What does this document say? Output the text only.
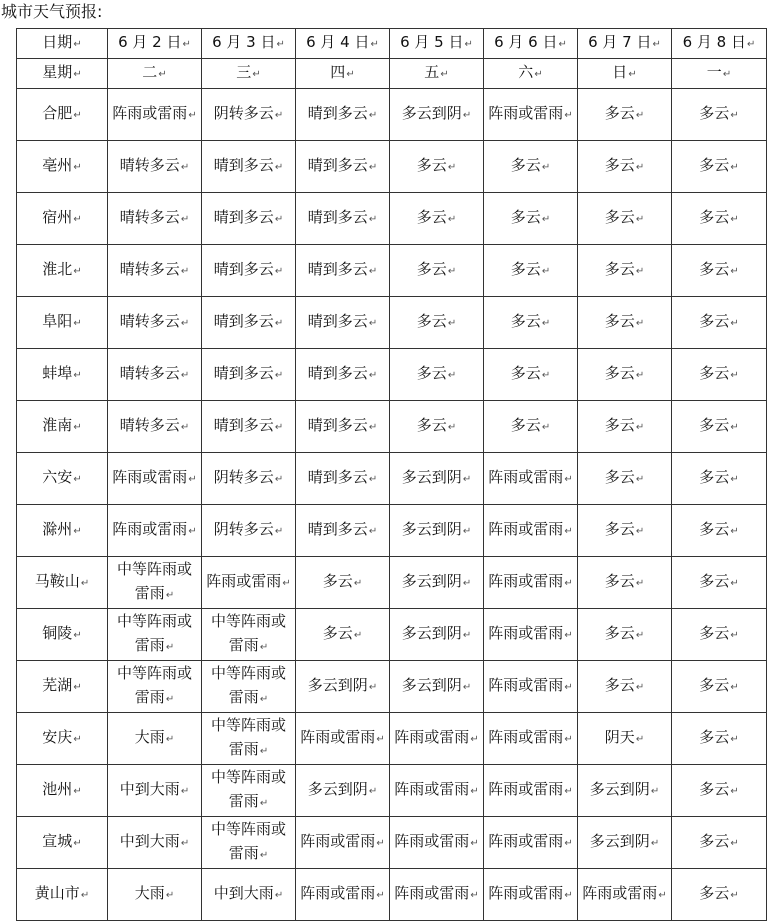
城市天气预报:
日期↵	6 月 2 日↵	6 月 3 日↵	6 月 4 日↵	6 月 5 日↵	6 月 6 日↵	6 月 7 日↵	6 月 8 日↵
星期↵	二↵	三↵	四↵	五↵	六↵	日↵	一↵
合肥↵	阵雨或雷雨↵	阴转多云↵	晴到多云↵	多云到阴↵	阵雨或雷雨↵	多云↵	多云↵
亳州↵	晴转多云↵	晴到多云↵	晴到多云↵	多云↵	多云↵	多云↵	多云↵
宿州↵	晴转多云↵	晴到多云↵	晴到多云↵	多云↵	多云↵	多云↵	多云↵
淮北↵	晴转多云↵	晴到多云↵	晴到多云↵	多云↵	多云↵	多云↵	多云↵
阜阳↵	晴转多云↵	晴到多云↵	晴到多云↵	多云↵	多云↵	多云↵	多云↵
蚌埠↵	晴转多云↵	晴到多云↵	晴到多云↵	多云↵	多云↵	多云↵	多云↵
淮南↵	晴转多云↵	晴到多云↵	晴到多云↵	多云↵	多云↵	多云↵	多云↵
六安↵	阵雨或雷雨↵	阴转多云↵	晴到多云↵	多云到阴↵	阵雨或雷雨↵	多云↵	多云↵
滁州↵	阵雨或雷雨↵	阴转多云↵	晴到多云↵	多云到阴↵	阵雨或雷雨↵	多云↵	多云↵
马鞍山↵	中等阵雨或雷雨↵	阵雨或雷雨↵	多云↵	多云到阴↵	阵雨或雷雨↵	多云↵	多云↵
铜陵↵	中等阵雨或雷雨↵	中等阵雨或雷雨↵	多云↵	多云到阴↵	阵雨或雷雨↵	多云↵	多云↵
芜湖↵	中等阵雨或雷雨↵	中等阵雨或雷雨↵	多云到阴↵	多云到阴↵	阵雨或雷雨↵	多云↵	多云↵
安庆↵	大雨↵	中等阵雨或雷雨↵	阵雨或雷雨↵	阵雨或雷雨↵	阵雨或雷雨↵	阴天↵	多云↵
池州↵	中到大雨↵	中等阵雨或雷雨↵	多云到阴↵	阵雨或雷雨↵	阵雨或雷雨↵	多云到阴↵	多云↵
宣城↵	中到大雨↵	中等阵雨或雷雨↵	阵雨或雷雨↵	阵雨或雷雨↵	阵雨或雷雨↵	多云到阴↵	多云↵
黄山市↵	大雨↵	中到大雨↵	阵雨或雷雨↵	阵雨或雷雨↵	阵雨或雷雨↵	阵雨或雷雨↵	多云↵
